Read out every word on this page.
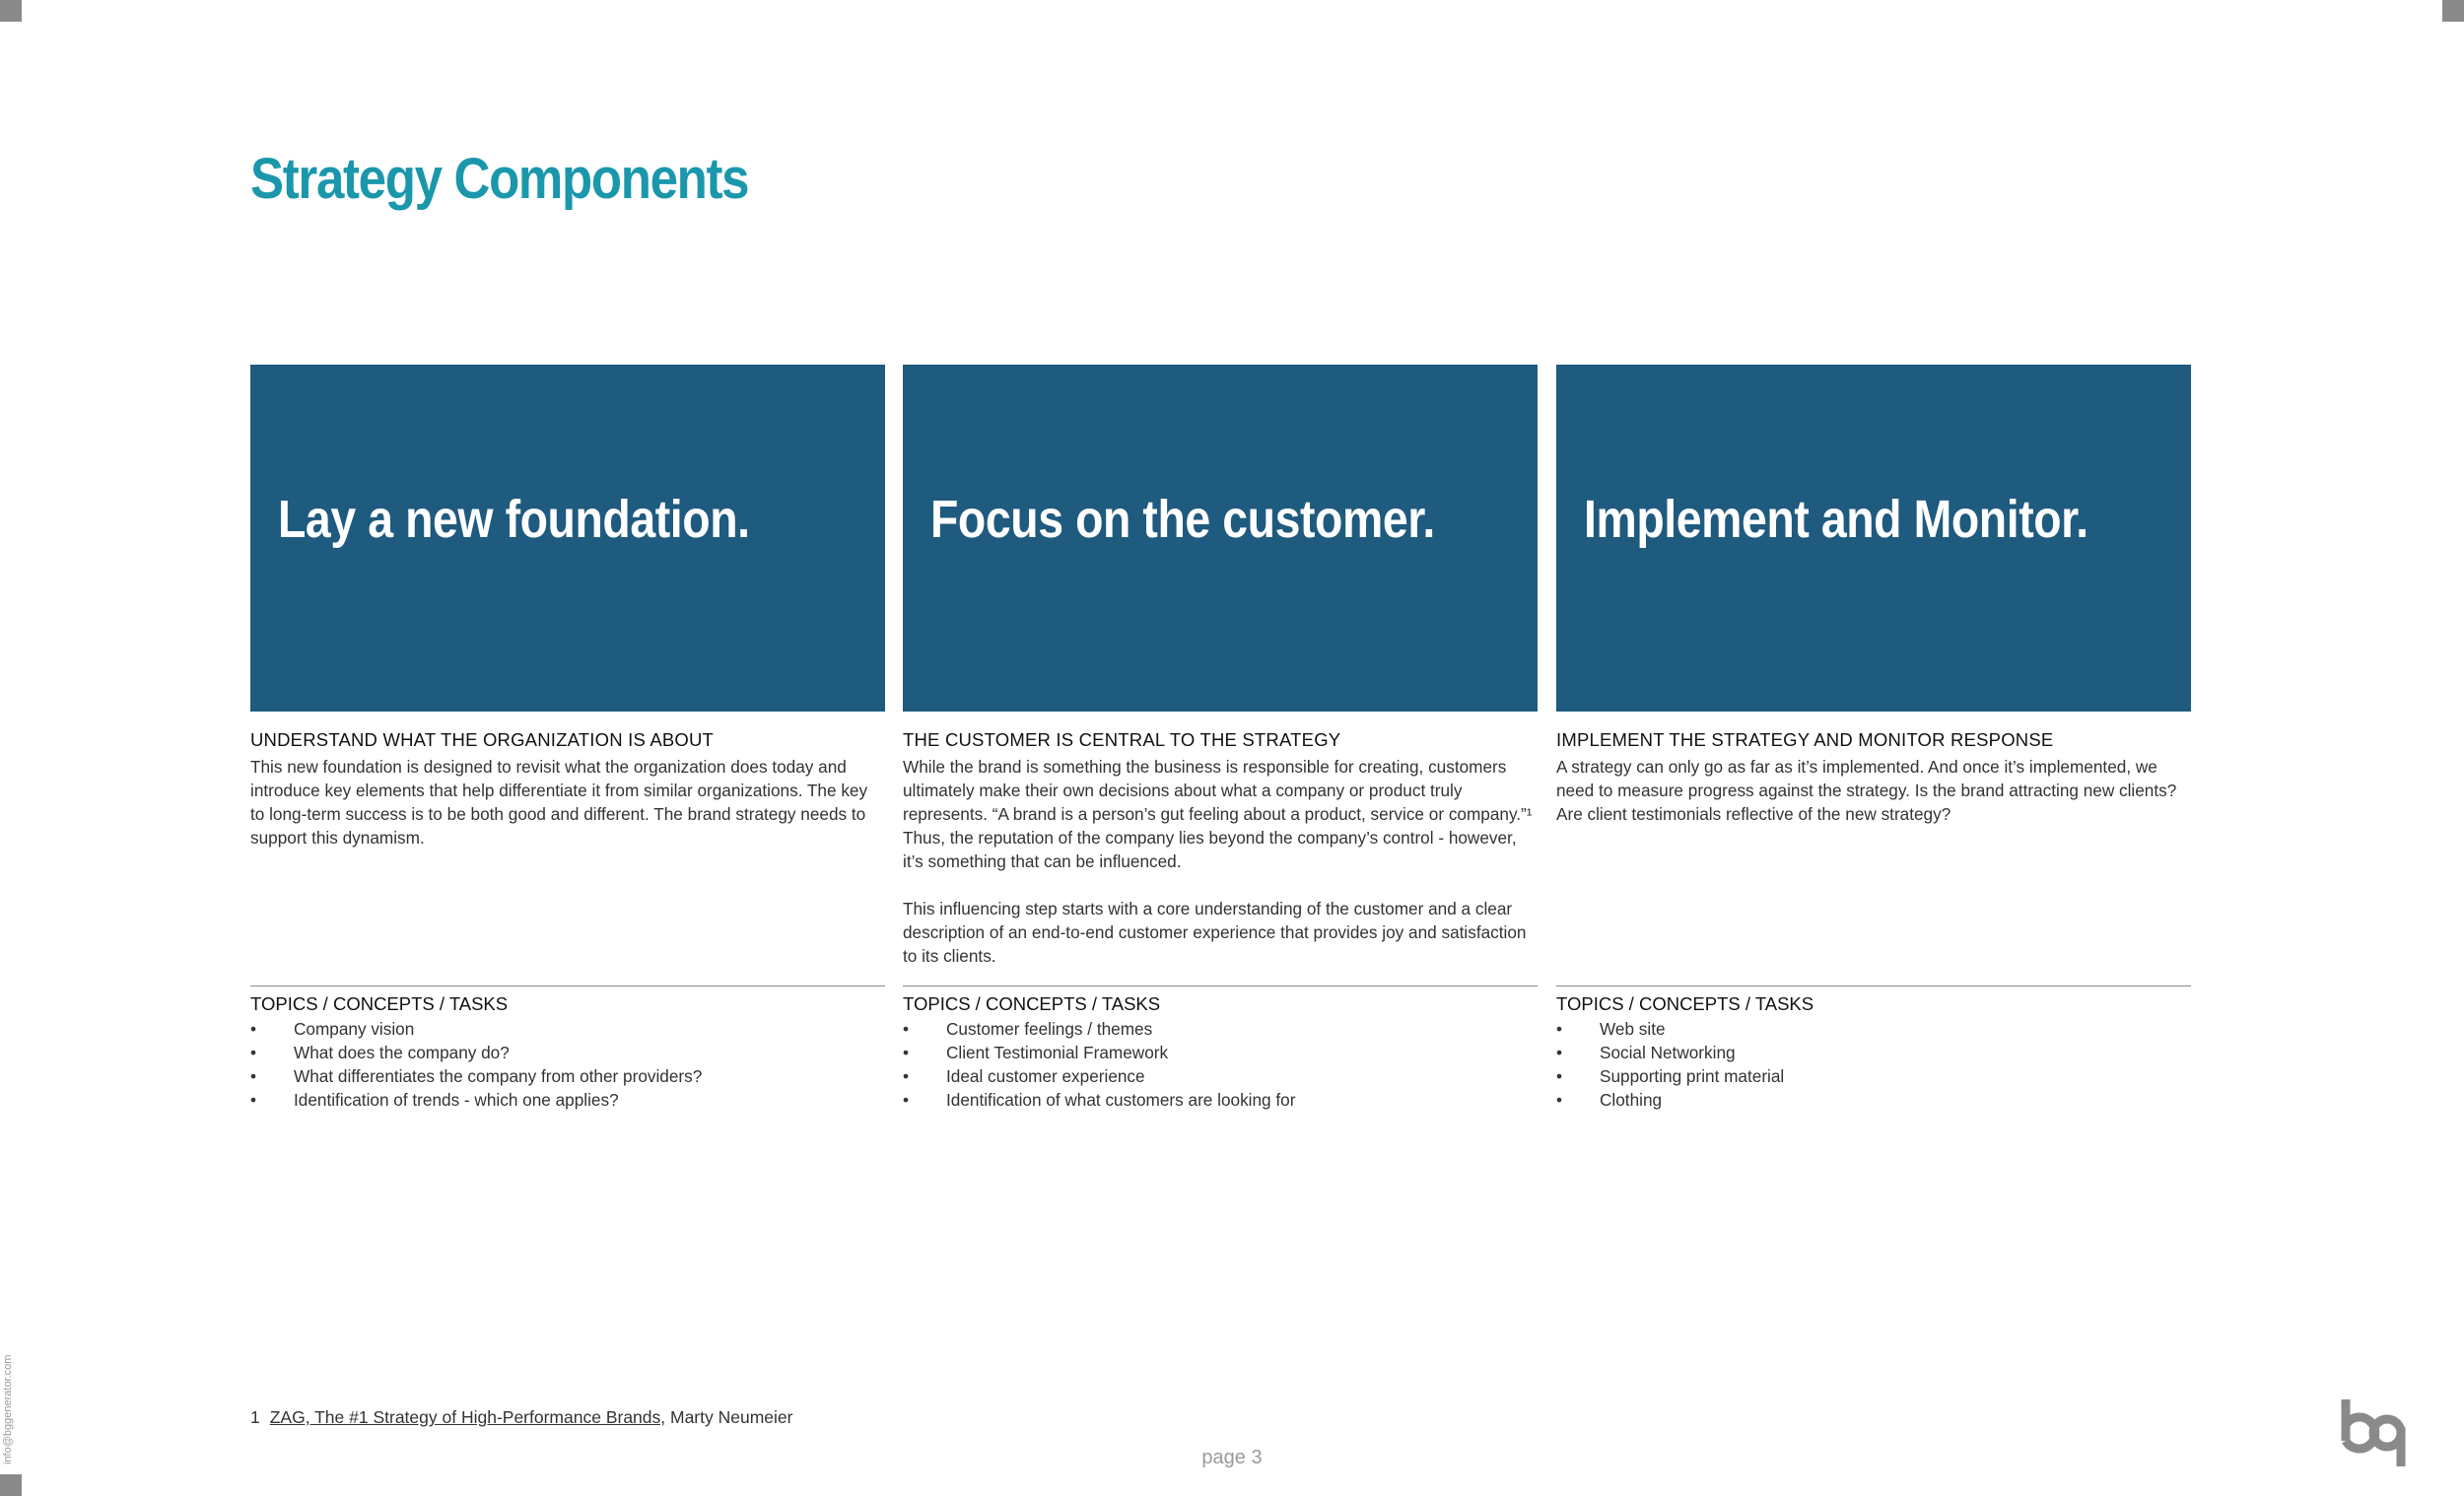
Strategy Components
Lay a new foundation.
UNDERSTAND WHAT THE ORGANIZATION IS ABOUT

This new foundation is designed to revisit what the organization does today and introduce key elements that help differentiate it from similar organizations. The key to long-term success is to be both good and different. The brand strategy needs to support this dynamism.

TOPICS / CONCEPTS / TASKS
• Company vision
• What does the company do?
• What differentiates the company from other providers?
• Identification of trends - which one applies?
Focus on the customer.
THE CUSTOMER IS CENTRAL TO THE STRATEGY

While the brand is something the business is responsible for creating, customers ultimately make their own decisions about what a company or product truly represents. “A brand is a person’s gut feeling about a product, service or company.”¹ Thus, the reputation of the company lies beyond the company’s control - however, it’s something that can be influenced.

This influencing step starts with a core understanding of the customer and a clear description of an end-to-end customer experience that provides joy and satisfaction to its clients.

TOPICS / CONCEPTS / TASKS
• Customer feelings / themes
• Client Testimonial Framework
• Ideal customer experience
• Identification of what customers are looking for
Implement and Monitor.
IMPLEMENT THE STRATEGY AND MONITOR RESPONSE

A strategy can only go as far as it’s implemented. And once it’s implemented, we need to measure progress against the strategy. Is the brand attracting new clients? Are client testimonials reflective of the new strategy?

TOPICS / CONCEPTS / TASKS
• Web site
• Social Networking
• Supporting print material
• Clothing
1 ZAG, The #1 Strategy of High-Performance Brands, Marty Neumeier
page 3
info@bggenerator.com
